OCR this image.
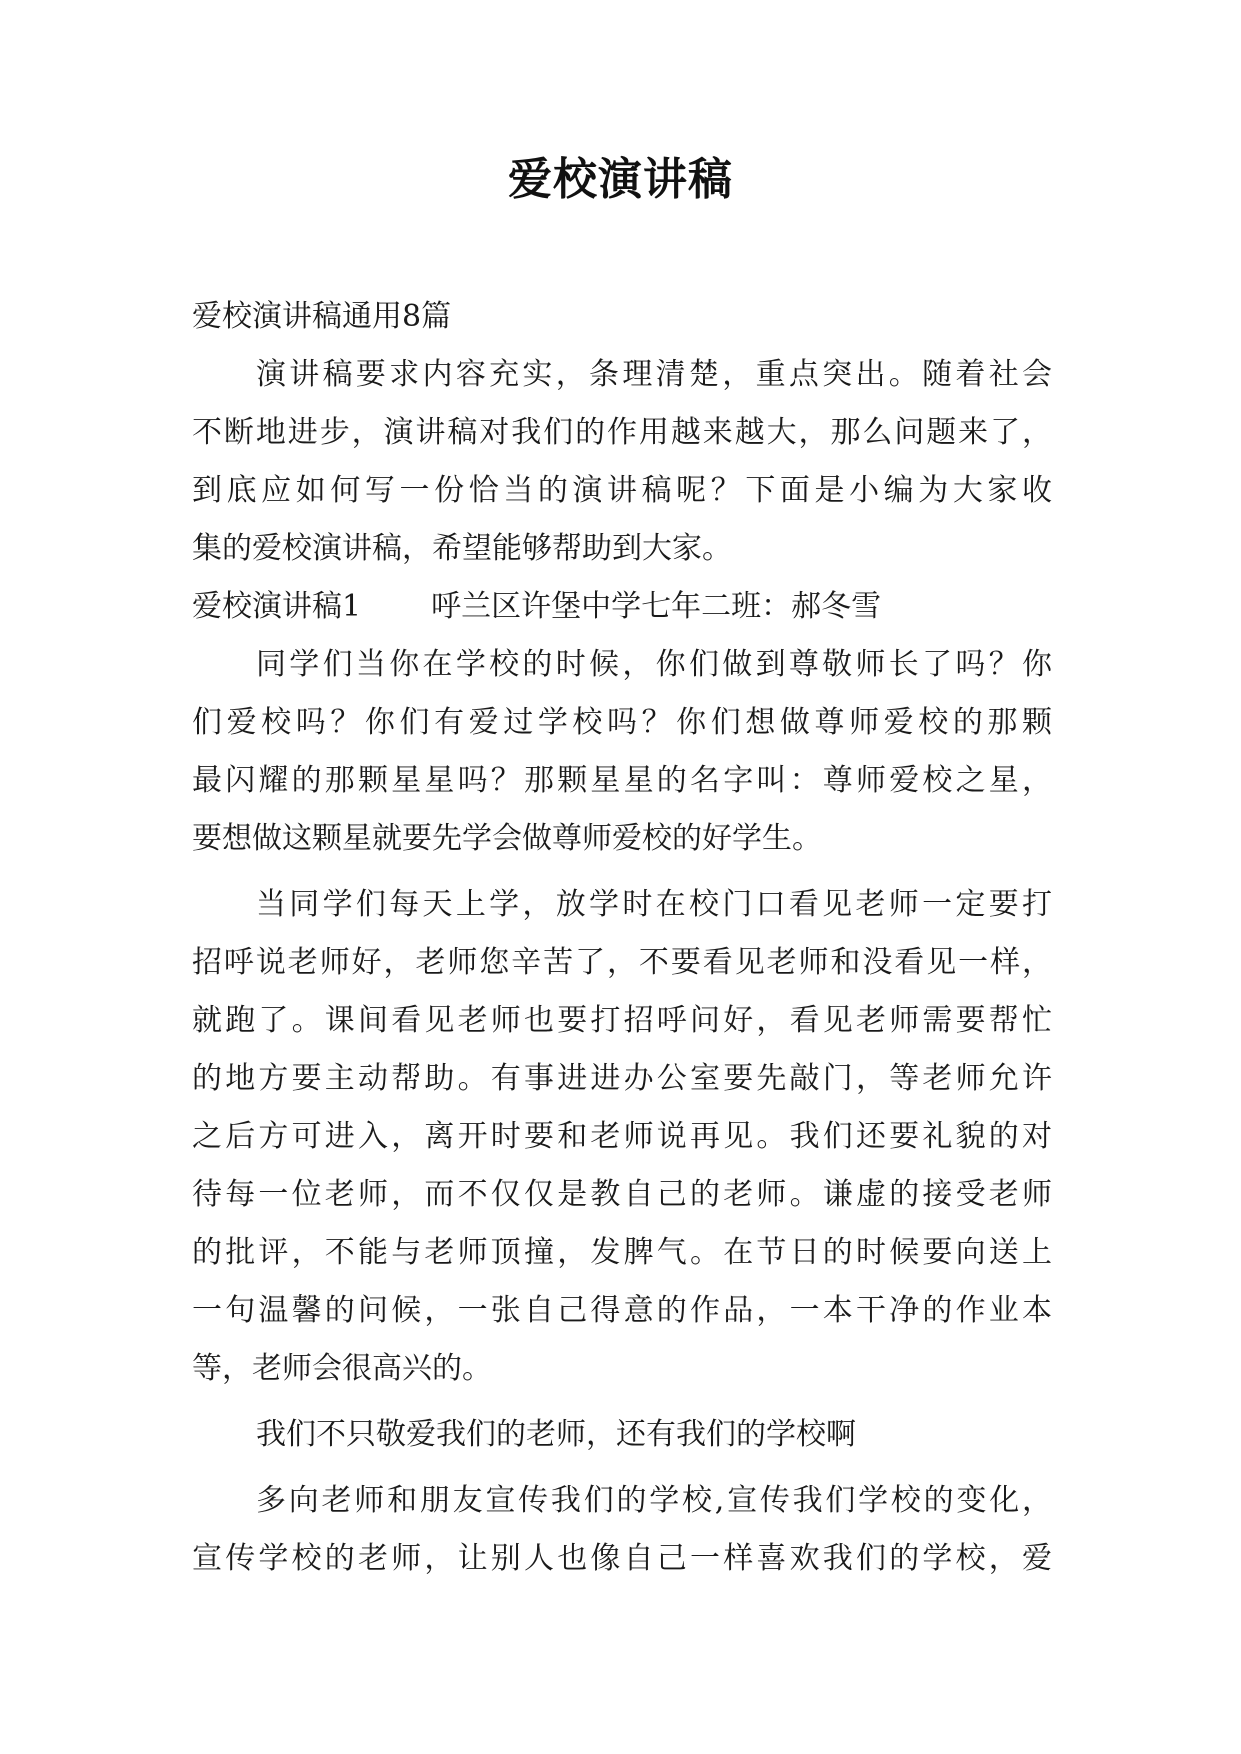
爱校演讲稿
爱校演讲稿通用8篇
演讲稿要求内容充实，条理清楚，重点突出。随着社会
不断地进步，演讲稿对我们的作用越来越大，那么问题来了，
到底应如何写一份恰当的演讲稿呢？下面是小编为大家收
集的爱校演讲稿，希望能够帮助到大家。
爱校演讲稿1 呼兰区许堡中学七年二班：郝冬雪
同学们当你在学校的时候，你们做到尊敬师长了吗？你
们爱校吗？你们有爱过学校吗？你们想做尊师爱校的那颗
最闪耀的那颗星星吗？那颗星星的名字叫：尊师爱校之星，
要想做这颗星就要先学会做尊师爱校的好学生。
当同学们每天上学，放学时在校门口看见老师一定要打
招呼说老师好，老师您辛苦了，不要看见老师和没看见一样，
就跑了。课间看见老师也要打招呼问好，看见老师需要帮忙
的地方要主动帮助。有事进进办公室要先敲门，等老师允许
之后方可进入，离开时要和老师说再见。我们还要礼貌的对
待每一位老师，而不仅仅是教自己的老师。谦虚的接受老师
的批评，不能与老师顶撞，发脾气。在节日的时候要向送上
一句温馨的问候，一张自己得意的作品，一本干净的作业本
等，老师会很高兴的。
我们不只敬爱我们的老师，还有我们的学校啊
多向老师和朋友宣传我们的学校,宣传我们学校的变化，
宣传学校的老师，让别人也像自己一样喜欢我们的学校，爱
